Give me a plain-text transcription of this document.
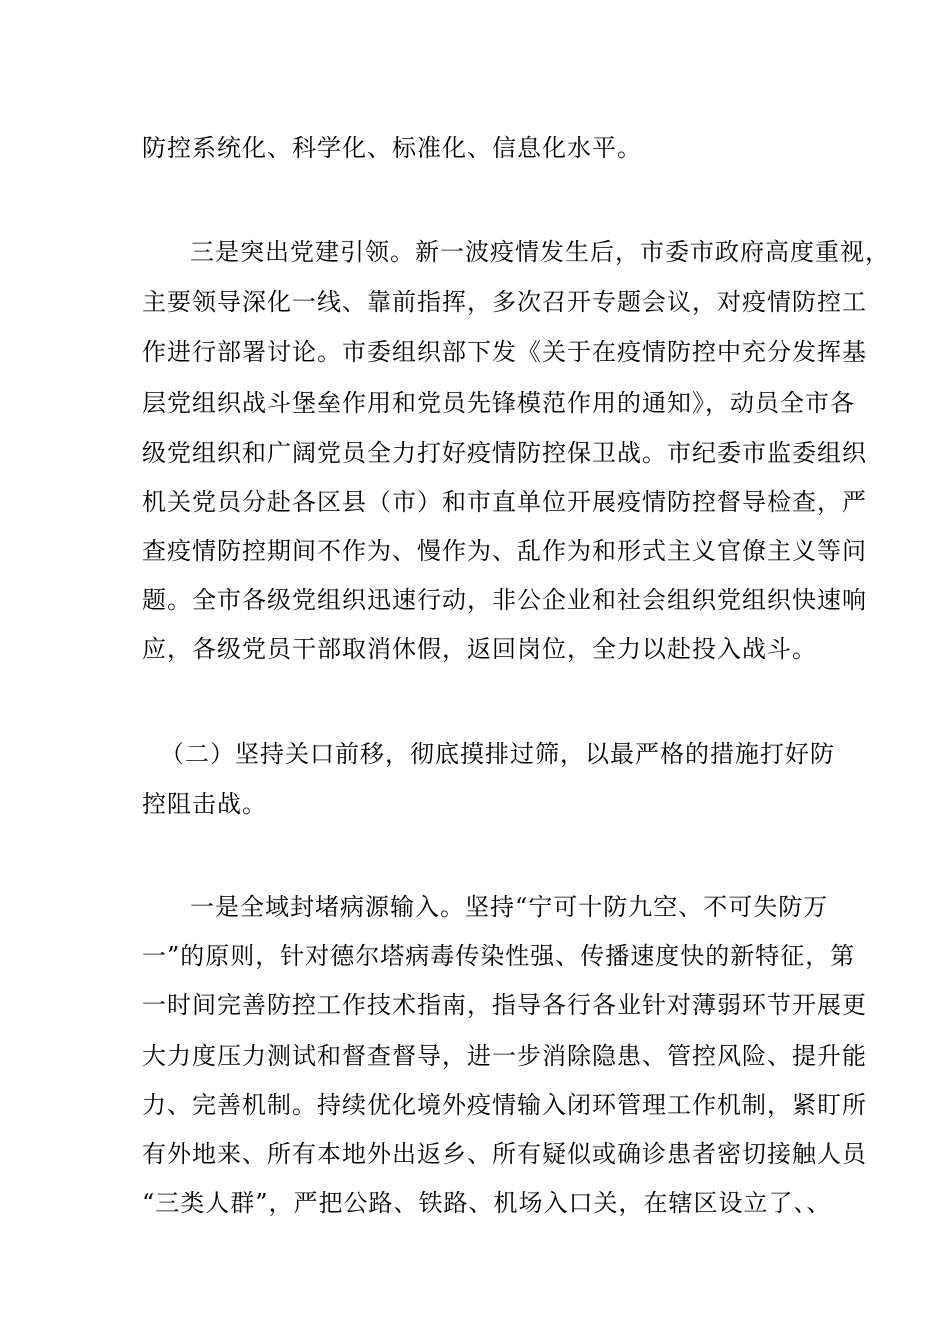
防控系统化、科学化、标准化、信息化水平。
三是突出党建引领。新一波疫情发生后，市委市政府高度重视，
主要领导深化一线、靠前指挥，多次召开专题会议，对疫情防控工
作进行部署讨论。市委组织部下发《关于在疫情防控中充分发挥基
层党组织战斗堡垒作用和党员先锋模范作用的通知》，动员全市各
级党组织和广阔党员全力打好疫情防控保卫战。市纪委市监委组织
机关党员分赴各区县（市）和市直单位开展疫情防控督导检查，严
查疫情防控期间不作为、慢作为、乱作为和形式主义官僚主义等问
题。全市各级党组织迅速行动，非公企业和社会组织党组织快速响
应，各级党员干部取消休假，返回岗位，全力以赴投入战斗。
（二）坚持关口前移，彻底摸排过筛，以最严格的措施打好防
控阻击战。
一是全域封堵病源输入。坚持“宁可十防九空、不可失防万
一”的原则，针对德尔塔病毒传染性强、传播速度快的新特征，第
一时间完善防控工作技术指南，指导各行各业针对薄弱环节开展更
大力度压力测试和督查督导，进一步消除隐患、管控风险、提升能
力、完善机制。持续优化境外疫情输入闭环管理工作机制，紧盯所
有外地来、所有本地外出返乡、所有疑似或确诊患者密切接触人员
“三类人群”，严把公路、铁路、机场入口关，在辖区设立了、、
